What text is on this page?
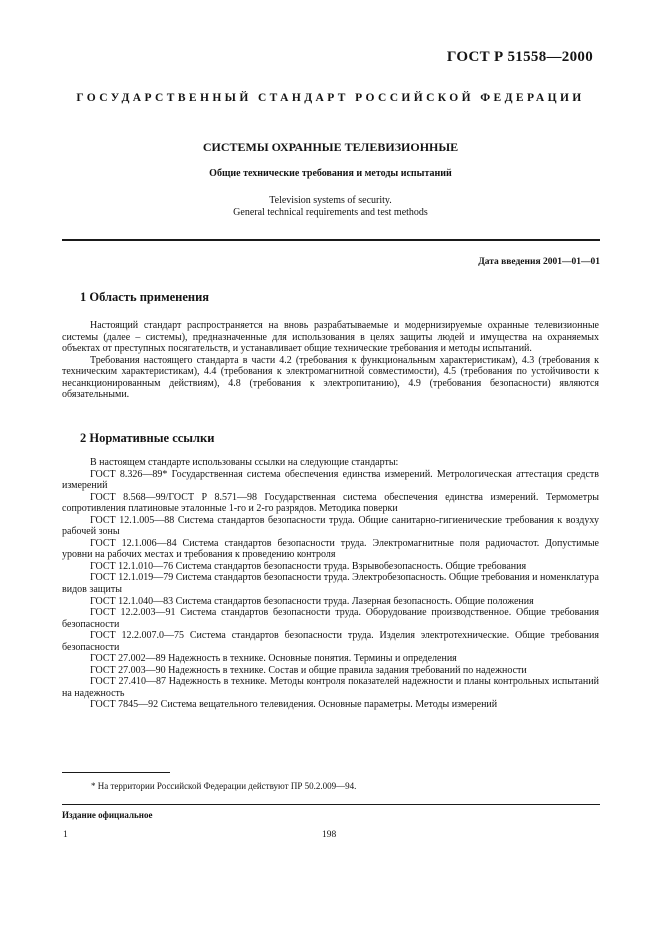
ГОСТ Р 51558—2000
ГОСУДАРСТВЕННЫЙ СТАНДАРТ РОССИЙСКОЙ ФЕДЕРАЦИИ
СИСТЕМЫ ОХРАННЫЕ ТЕЛЕВИЗИОННЫЕ
Общие технические требования и методы испытаний
Television systems of security.
General technical requirements and test methods
Дата введения 2001—01—01
1 Область применения

Настоящий стандарт распространяется на вновь разрабатываемые и модернизируемые охранные телевизионные системы (далее – системы), предназначенные для использования в целях защиты людей и имущества на охраняемых объектах от преступных посягательств, и устанавливает общие технические требования и методы испытаний.

Требования настоящего стандарта в части 4.2 (требования к функциональным характеристикам), 4.3 (требования к техническим характеристикам), 4.4 (требования к электромагнитной совместимости), 4.5 (требования по устойчивости к несанкционированным действиям), 4.8 (требования к электропитанию), 4.9 (требования безопасности) являются обязательными.

2 Нормативные ссылки

В настоящем стандарте использованы ссылки на следующие стандарты:

ГОСТ 8.326—89* Государственная система обеспечения единства измерений. Метрологическая аттестация средств измерений

ГОСТ 8.568—99/ГОСТ Р 8.571—98 Государственная система обеспечения единства измерений. Термометры сопротивления платиновые эталонные 1-го и 2-го разрядов. Методика поверки

ГОСТ 12.1.005—88 Система стандартов безопасности труда. Общие санитарно-гигиенические требования к воздуху рабочей зоны

ГОСТ 12.1.006—84 Система стандартов безопасности труда. Электромагнитные поля радиочастот. Допустимые уровни на рабочих местах и требования к проведению контроля

ГОСТ 12.1.010—76 Система стандартов безопасности труда. Взрывобезопасность. Общие требования

ГОСТ 12.1.019—79 Система стандартов безопасности труда. Электробезопасность. Общие требования и номенклатура видов защиты

ГОСТ 12.1.040—83 Система стандартов безопасности труда. Лазерная безопасность. Общие положения

ГОСТ 12.2.003—91 Система стандартов безопасности труда. Оборудование производственное. Общие требования безопасности

ГОСТ 12.2.007.0—75 Система стандартов безопасности труда. Изделия электротехнические. Общие требования безопасности

ГОСТ 27.002—89 Надежность в технике. Основные понятия. Термины и определения

ГОСТ 27.003—90 Надежность в технике. Состав и общие правила задания требований по надежности

ГОСТ 27.410—87 Надежность в технике. Методы контроля показателей надежности и планы контрольных испытаний на надежность

ГОСТ 7845—92 Система вещательного телевидения. Основные параметры. Методы измерений

* На территории Российской Федерации действуют ПР 50.2.009—94.
Издание официальное
1	198
